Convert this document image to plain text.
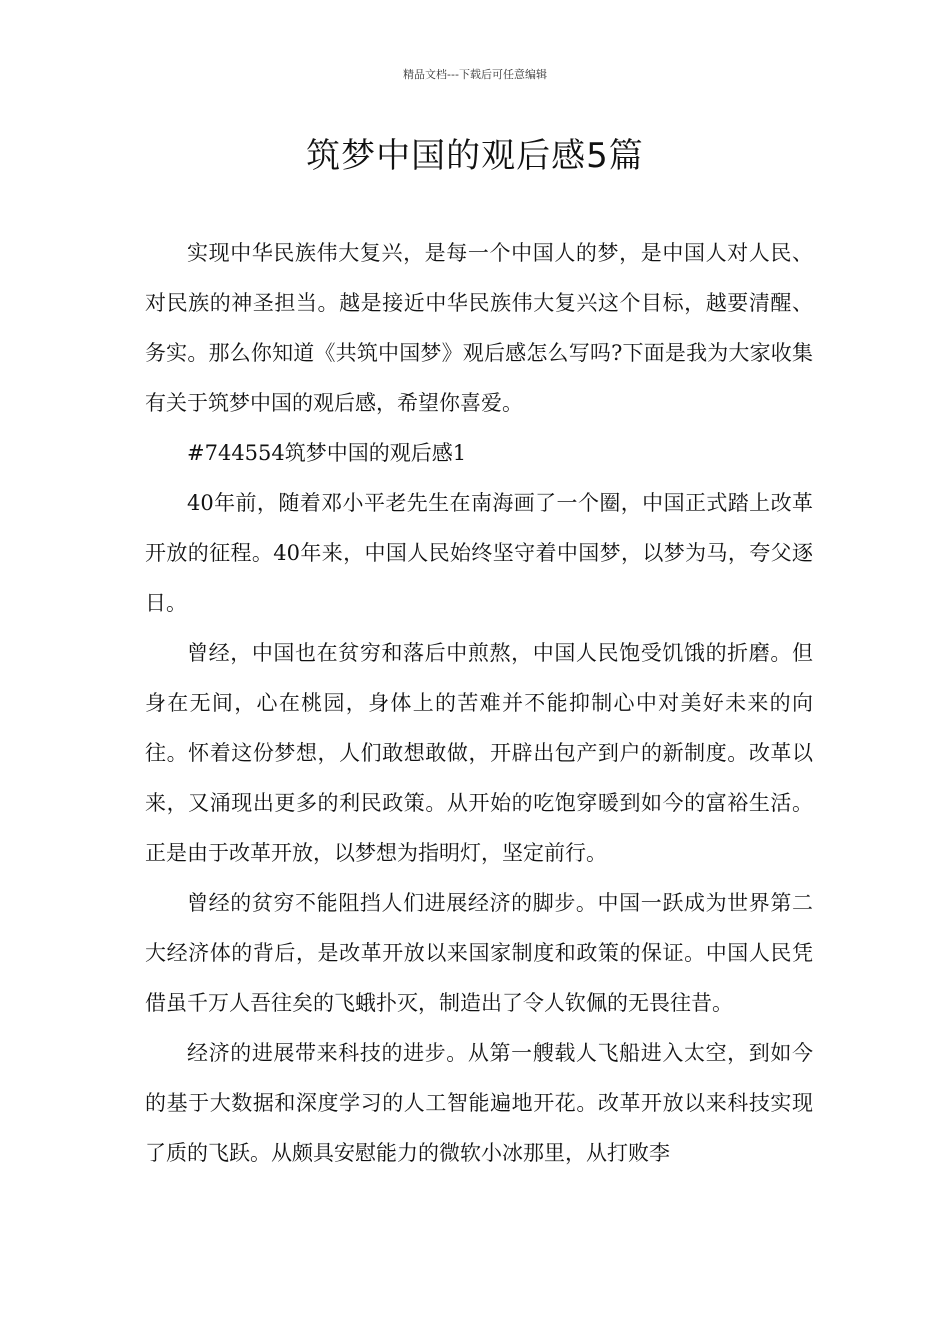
精品文档---下载后可任意编辑
筑梦中国的观后感5篇

实现中华民族伟大复兴，是每一个中国人的梦，是中国人对人民、对民族的神圣担当。越是接近中华民族伟大复兴这个目标，越要清醒、务实。那么你知道《共筑中国梦》观后感怎么写吗?下面是我为大家收集有关于筑梦中国的观后感，希望你喜爱。

#744554筑梦中国的观后感1

40年前，随着邓小平老先生在南海画了一个圈，中国正式踏上改革开放的征程。40年来，中国人民始终坚守着中国梦，以梦为马，夸父逐日。

曾经，中国也在贫穷和落后中煎熬，中国人民饱受饥饿的折磨。但身在无间，心在桃园，身体上的苦难并不能抑制心中对美好未来的向往。怀着这份梦想，人们敢想敢做，开辟出包产到户的新制度。改革以来，又涌现出更多的利民政策。从开始的吃饱穿暖到如今的富裕生活。正是由于改革开放，以梦想为指明灯，坚定前行。

曾经的贫穷不能阻挡人们进展经济的脚步。中国一跃成为世界第二大经济体的背后，是改革开放以来国家制度和政策的保证。中国人民凭借虽千万人吾往矣的飞蛾扑灭，制造出了令人钦佩的无畏往昔。

经济的进展带来科技的进步。从第一艘载人飞船进入太空，到如今的基于大数据和深度学习的人工智能遍地开花。改革开放以来科技实现了质的飞跃。从颇具安慰能力的微软小冰那里，从打败李
